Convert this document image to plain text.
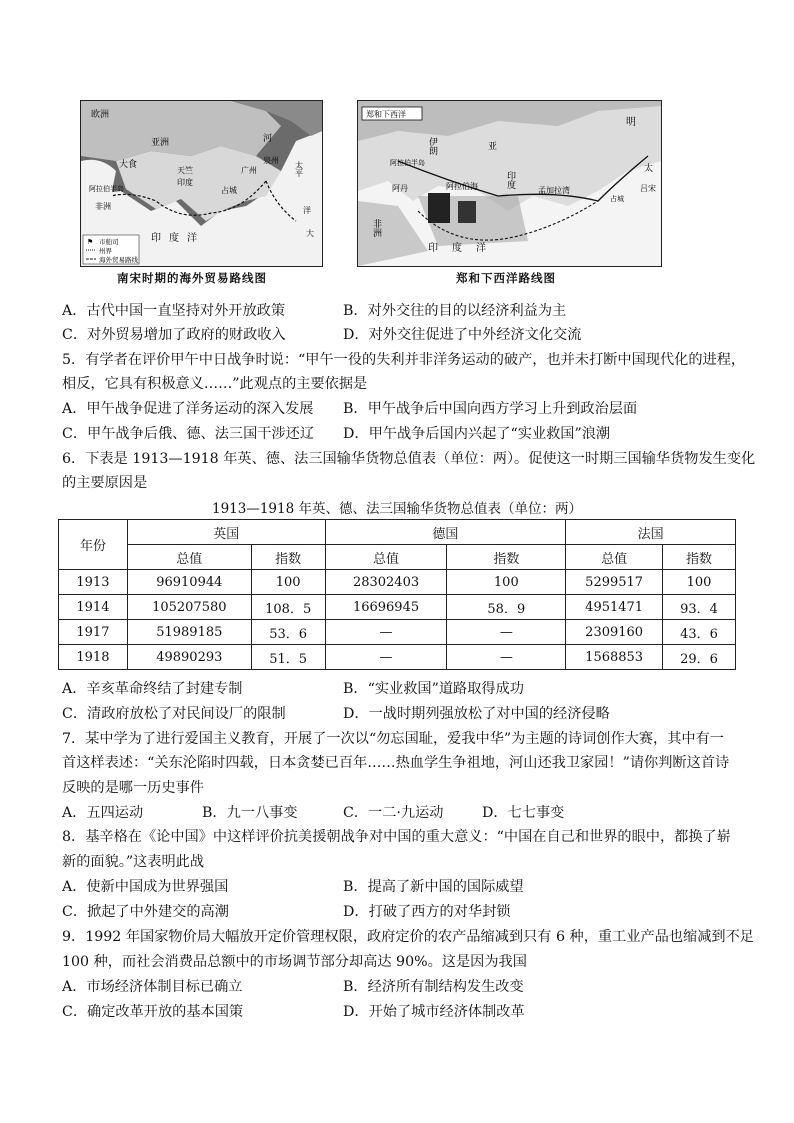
欧洲
亚洲
大食
阿拉伯半岛
天竺
印度
占城
广州
泉州
河
太平
洋
印度洋	大
非洲
市舶司
州界
海外贸易路线
⚑
南宋时期的海外贸易路线图
郑和下西洋
明
伊朗
阿拉伯半岛
亚
印度
孟加拉湾
非洲
阿丹	阿拉伯海
印度洋
太
吕宋
占城
郑和下西洋路线图
A．古代中国一直坚持对外开放政策	B．对外交往的目的以经济利益为主
C．对外贸易增加了政府的财政收入	D．对外交往促进了中外经济文化交流
5．有学者在评价甲午中日战争时说：“甲午一役的失利并非洋务运动的破产，也并未打断中国现代化的进程，
相反，它具有积极意义……”此观点的主要依据是
A．甲午战争促进了洋务运动的深入发展 B．甲午战争后中国向西方学习上升到政治层面
C．甲午战争后俄、德、法三国干涉还辽 D．甲午战争后国内兴起了“实业救国”浪潮
6．下表是 1913—1918 年英、德、法三国输华货物总值表（单位：两）。促使这一时期三国输华货物发生变化
的主要原因是
1913—1918 年英、德、法三国输华货物总值表（单位：两）
年份	英国		德国		法国	
	总值	指数	总值	指数	总值	指数
1913	96910944	100	28302403	100	5299517	100
1914	105207580	108．5	16696945	58．9	4951471	93．4
1917	51989185	53．6	—	—	2309160	43．6
1918	49890293	51．5	—	—	1568853	29．6
A．辛亥革命终结了封建专制	B．“实业救国”道路取得成功
C．清政府放松了对民间设厂的限制	D．一战时期列强放松了对中国的经济侵略
7．某中学为了进行爱国主义教育，开展了一次以“勿忘国耻，爱我中华”为主题的诗词创作大赛，其中有一
首这样表述：“关东沦陷时四载，日本贪婪已百年……热血学生争祖地，河山还我卫家园！”请你判断这首诗
反映的是哪一历史事件
A．五四运动	B．九一八事变	C．一二·九运动	D．七七事变
8．基辛格在《论中国》中这样评价抗美援朝战争对中国的重大意义：“中国在自己和世界的眼中，都换了崭
新的面貌。”这表明此战
A．使新中国成为世界强国	B．提高了新中国的国际威望
C．掀起了中外建交的高潮	D．打破了西方的对华封锁
9．1992 年国家物价局大幅放开定价管理权限，政府定价的农产品缩减到只有 6 种，重工业产品也缩减到不足
100 种，而社会消费品总额中的市场调节部分却高达 90%。这是因为我国
A．市场经济体制目标已确立	B．经济所有制结构发生改变
C．确定改革开放的基本国策	D．开始了城市经济体制改革
